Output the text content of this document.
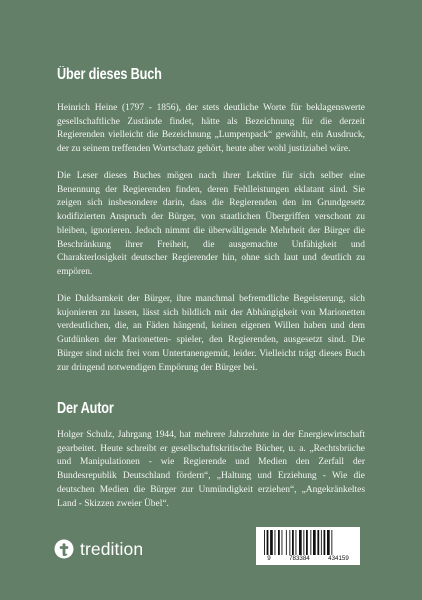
Über dieses Buch

Heinrich Heine (1797 - 1856), der stets deutliche Worte für beklagenswerte gesellschaftliche Zustände findet, hätte als Bezeichnung für die derzeit Regierenden vielleicht die Bezeichnung „Lumpenpack“ gewählt, ein Ausdruck, der zu seinem treffenden Wortschatz gehört, heute aber wohl justiziabel wäre.

Die Leser dieses Buches mögen nach ihrer Lektüre für sich selber eine Benennung der Regierenden finden, deren Fehlleistungen eklatant sind. Sie zeigen sich insbesondere darin, dass die Regierenden den im Grundgesetz kodifizierten Anspruch der Bürger, von staatlichen Übergriffen verschont zu bleiben, ignorieren. Jedoch nimmt die überwältigende Mehrheit der Bürger die Beschränkung ihrer Freiheit, die ausgemachte Unfähigkeit und Charakterlosigkeit deutscher Regierender hin, ohne sich laut und deutlich zu empören.

Die Duldsamkeit der Bürger, ihre manchmal befremdliche Begeisterung, sich kujonieren zu lassen, lässt sich bildlich mit der Abhängigkeit von Marionetten verdeutlichen, die, an Fäden hängend, keinen eigenen Willen haben und dem Gutdünken der Marionetten- spieler, den Regierenden, ausgesetzt sind. Die Bürger sind nicht frei vom Untertanengemüt, leider. Vielleicht trägt dieses Buch zur dringend notwendigen Empörung der Bürger bei.

Der Autor

Holger Schulz, Jahrgang 1944, hat mehrere Jahrzehnte in der Energiewirtschaft gearbeitet. Heute schreibt er gesellschaftskritische Bücher, u. a. „Rechtsbrüche und Manipulationen - wie Regierende und Medien den Zerfall der Bundesrepublik Deutschland fördern“, „Haltung und Erziehung - Wie die deutschen Medien die Bürger zur Unmündigkeit erziehen“, „Angekränkeltes Land - Skizzen zweier Übel“.

tredition	9	783384	434159
